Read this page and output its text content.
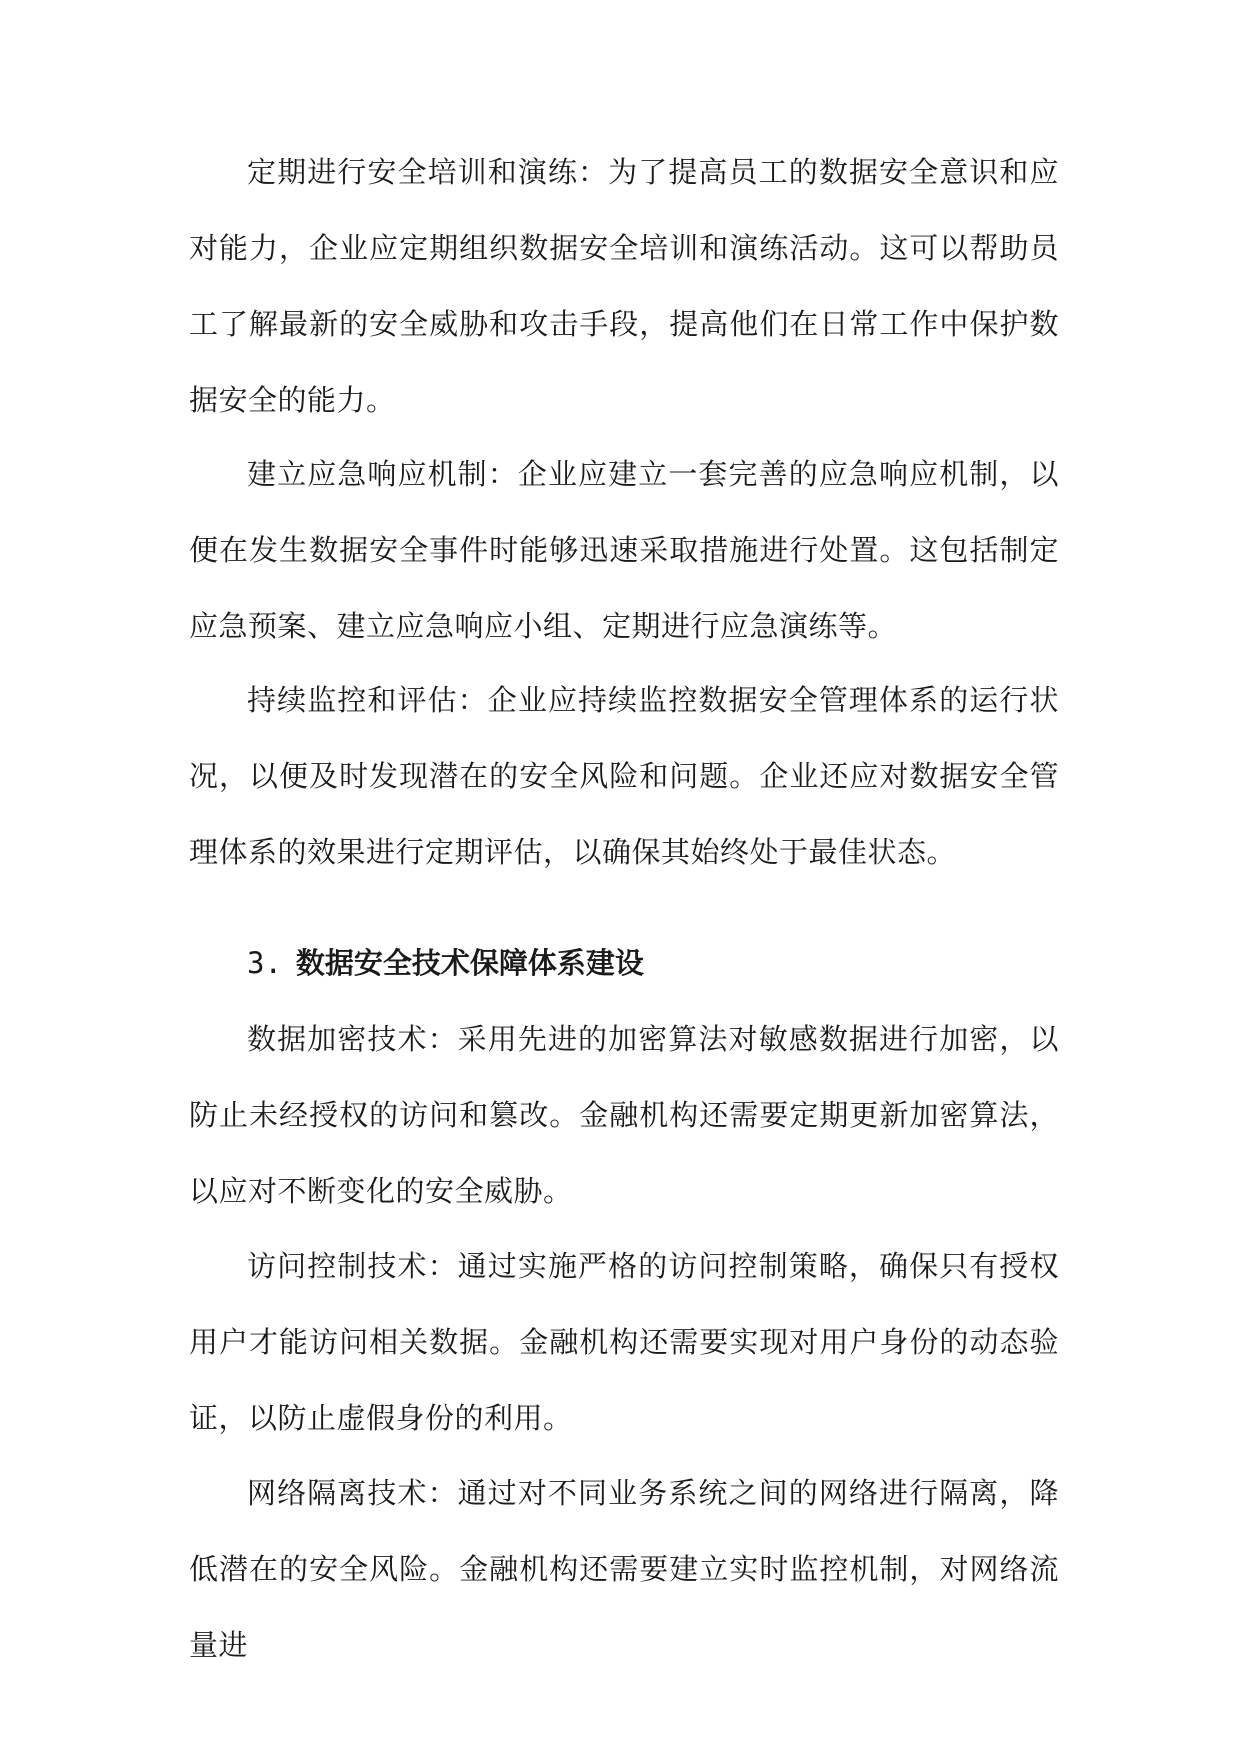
定期进行安全培训和演练：为了提高员工的数据安全意识和应对能力，企业应定期组织数据安全培训和演练活动。这可以帮助员工了解最新的安全威胁和攻击手段，提高他们在日常工作中保护数据安全的能力。

建立应急响应机制：企业应建立一套完善的应急响应机制，以便在发生数据安全事件时能够迅速采取措施进行处置。这包括制定应急预案、建立应急响应小组、定期进行应急演练等。

持续监控和评估：企业应持续监控数据安全管理体系的运行状况，以便及时发现潜在的安全风险和问题。企业还应对数据安全管理体系的效果进行定期评估，以确保其始终处于最佳状态。

3. 数据安全技术保障体系建设

数据加密技术：采用先进的加密算法对敏感数据进行加密，以防止未经授权的访问和篡改。金融机构还需要定期更新加密算法，以应对不断变化的安全威胁。

访问控制技术：通过实施严格的访问控制策略，确保只有授权用户才能访问相关数据。金融机构还需要实现对用户身份的动态验证，以防止虚假身份的利用。

网络隔离技术：通过对不同业务系统之间的网络进行隔离，降低潜在的安全风险。金融机构还需要建立实时监控机制，对网络流量进
